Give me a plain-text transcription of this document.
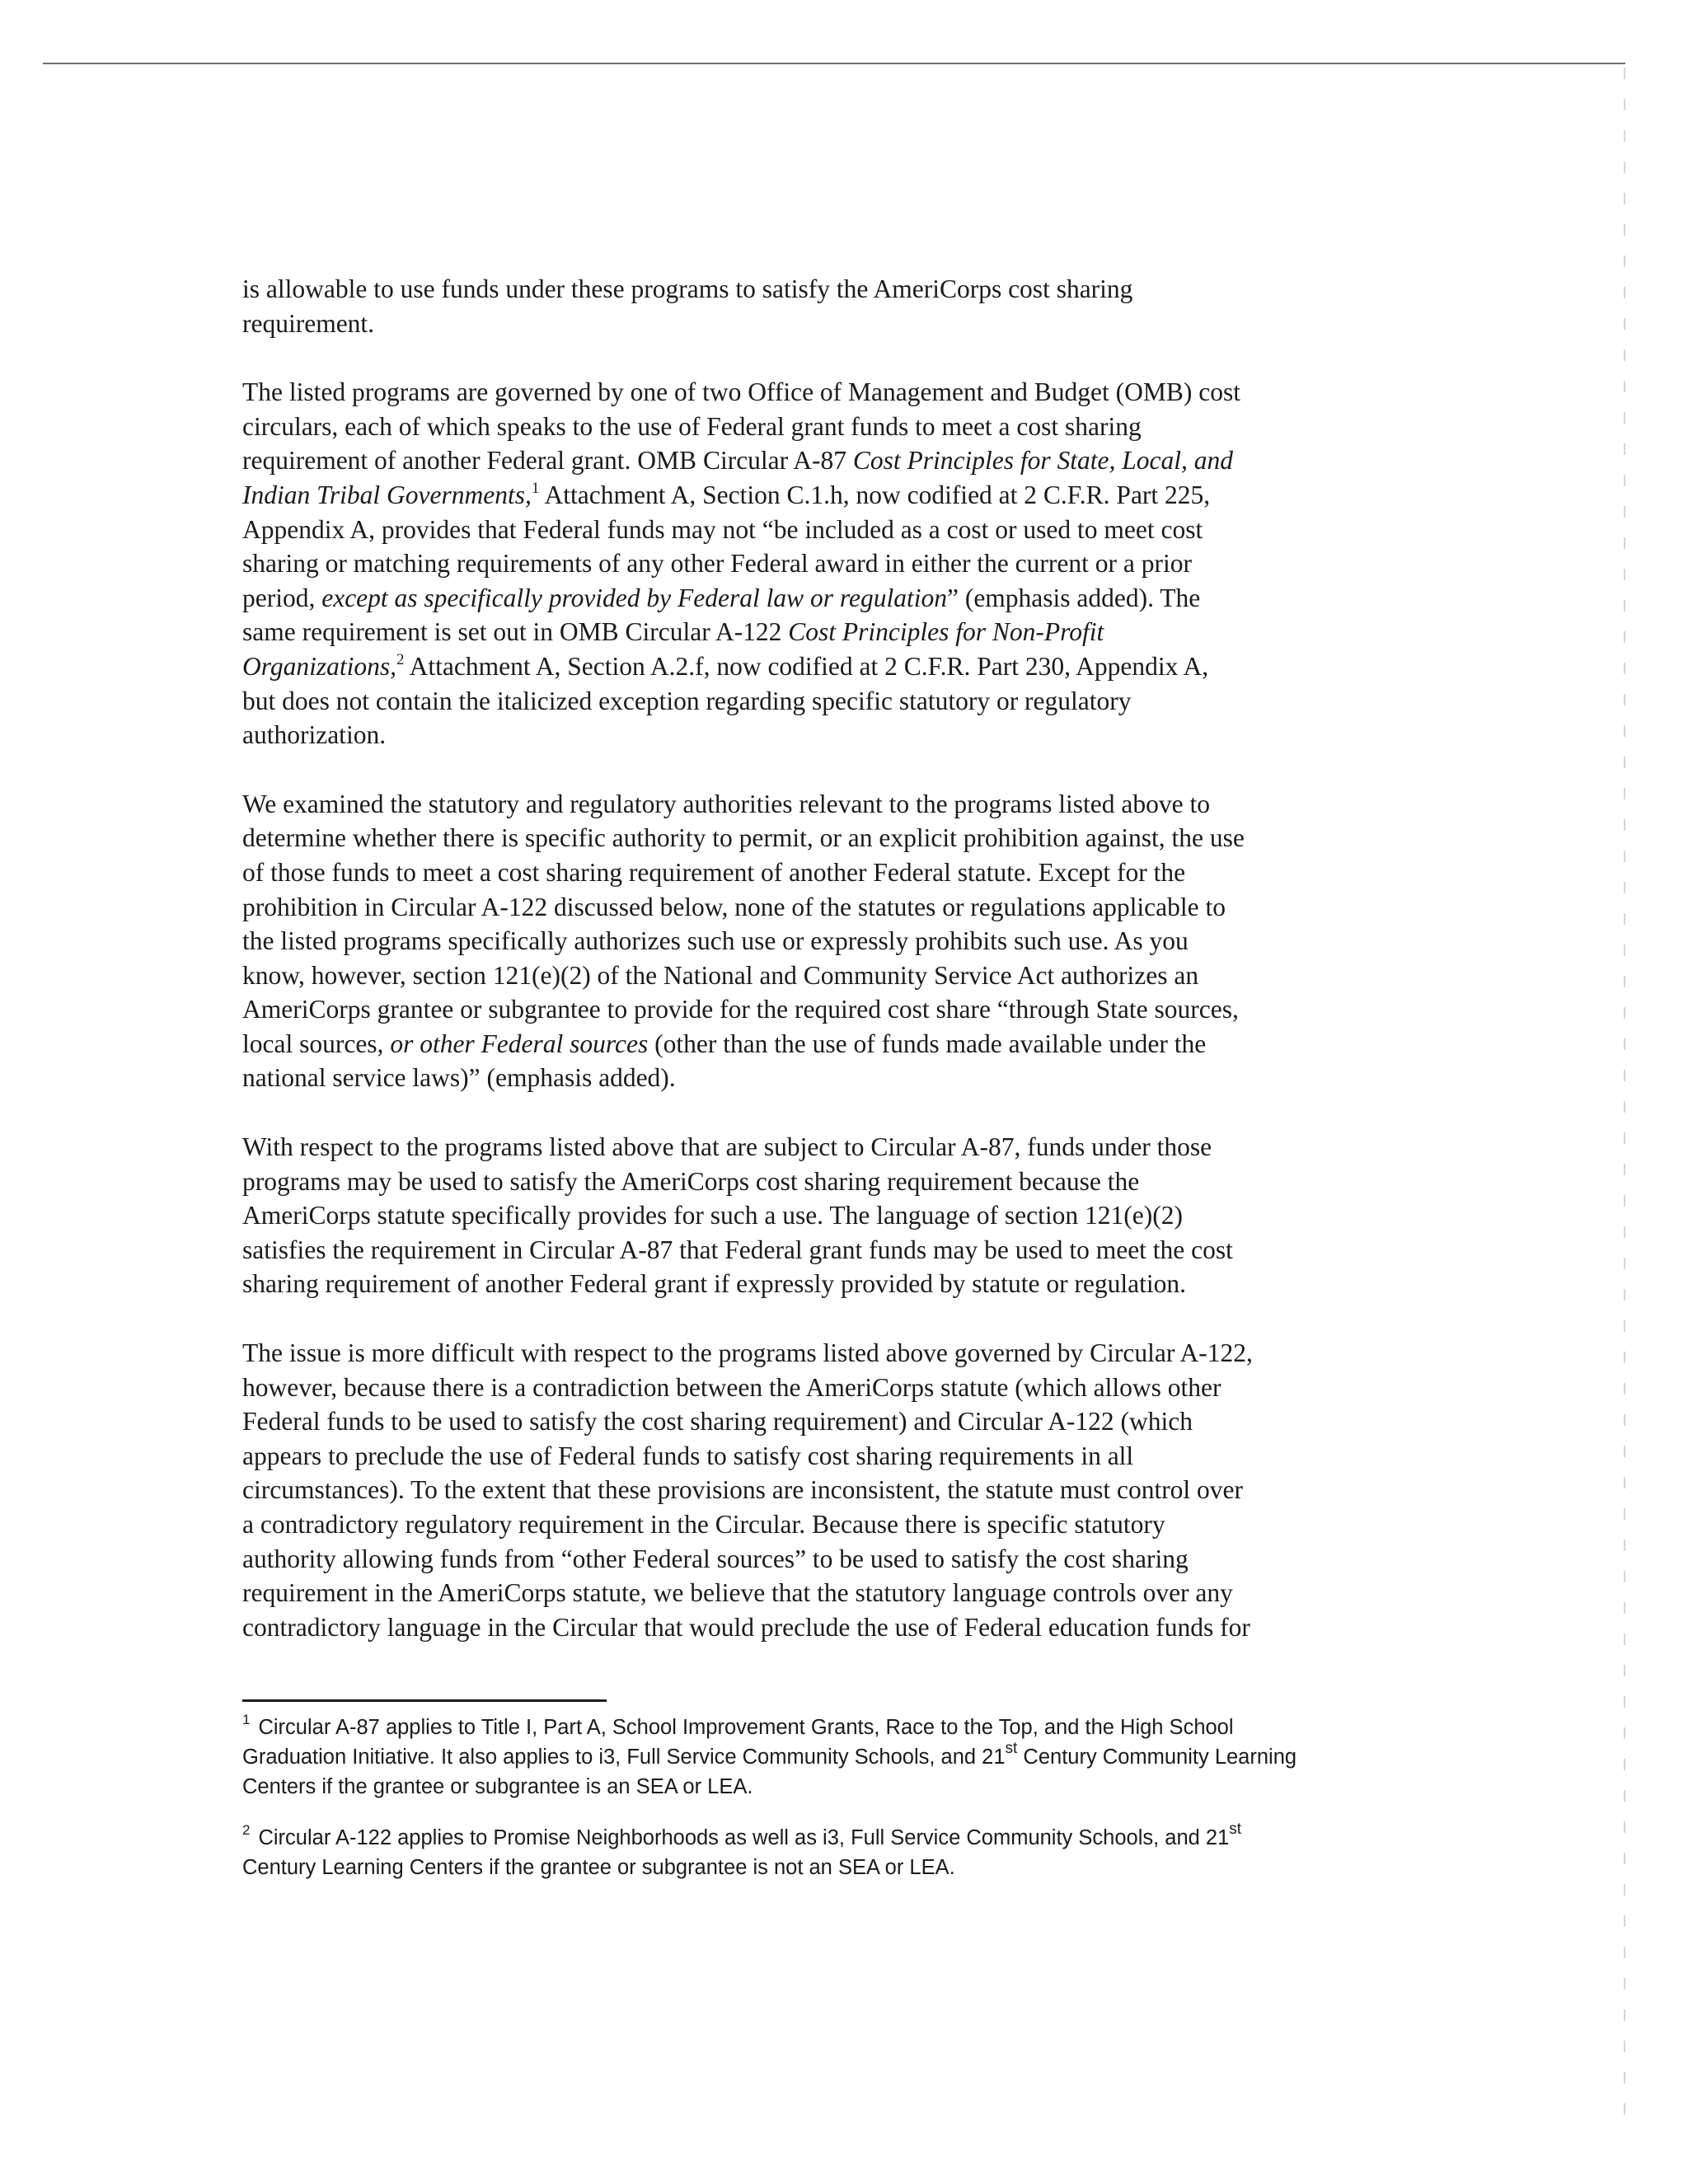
is allowable to use funds under these programs to satisfy the AmeriCorps cost sharing
requirement.

The listed programs are governed by one of two Office of Management and Budget (OMB) cost
circulars, each of which speaks to the use of Federal grant funds to meet a cost sharing
requirement of another Federal grant. OMB Circular A-87 Cost Principles for State, Local, and
Indian Tribal Governments,$^1$ Attachment A, Section C.1.h, now codified at 2 C.F.R. Part 225,
Appendix A, provides that Federal funds may not “be included as a cost or used to meet cost
sharing or matching requirements of any other Federal award in either the current or a prior
period, except as specifically provided by Federal law or regulation” (emphasis added). The
same requirement is set out in OMB Circular A-122 Cost Principles for Non-Profit
Organizations,$^2$ Attachment A, Section A.2.f, now codified at 2 C.F.R. Part 230, Appendix A,
but does not contain the italicized exception regarding specific statutory or regulatory
authorization.

We examined the statutory and regulatory authorities relevant to the programs listed above to
determine whether there is specific authority to permit, or an explicit prohibition against, the use
of those funds to meet a cost sharing requirement of another Federal statute. Except for the
prohibition in Circular A-122 discussed below, none of the statutes or regulations applicable to
the listed programs specifically authorizes such use or expressly prohibits such use. As you
know, however, section 121(e)(2) of the National and Community Service Act authorizes an
AmeriCorps grantee or subgrantee to provide for the required cost share “through State sources,
local sources, or other Federal sources (other than the use of funds made available under the
national service laws)” (emphasis added).

With respect to the programs listed above that are subject to Circular A-87, funds under those
programs may be used to satisfy the AmeriCorps cost sharing requirement because the
AmeriCorps statute specifically provides for such a use. The language of section 121(e)(2)
satisfies the requirement in Circular A-87 that Federal grant funds may be used to meet the cost
sharing requirement of another Federal grant if expressly provided by statute or regulation.

The issue is more difficult with respect to the programs listed above governed by Circular A-122,
however, because there is a contradiction between the AmeriCorps statute (which allows other
Federal funds to be used to satisfy the cost sharing requirement) and Circular A-122 (which
appears to preclude the use of Federal funds to satisfy cost sharing requirements in all
circumstances). To the extent that these provisions are inconsistent, the statute must control over
a contradictory regulatory requirement in the Circular. Because there is specific statutory
authority allowing funds from “other Federal sources” to be used to satisfy the cost sharing
requirement in the AmeriCorps statute, we believe that the statutory language controls over any
contradictory language in the Circular that would preclude the use of Federal education funds for

$^1$ Circular A-87 applies to Title I, Part A, School Improvement Grants, Race to the Top, and the High School
Graduation Initiative. It also applies to i3, Full Service Community Schools, and 21st Century Community Learning
Centers if the grantee or subgrantee is an SEA or LEA.

$^2$ Circular A-122 applies to Promise Neighborhoods as well as i3, Full Service Community Schools, and 21st
Century Learning Centers if the grantee or subgrantee is not an SEA or LEA.
